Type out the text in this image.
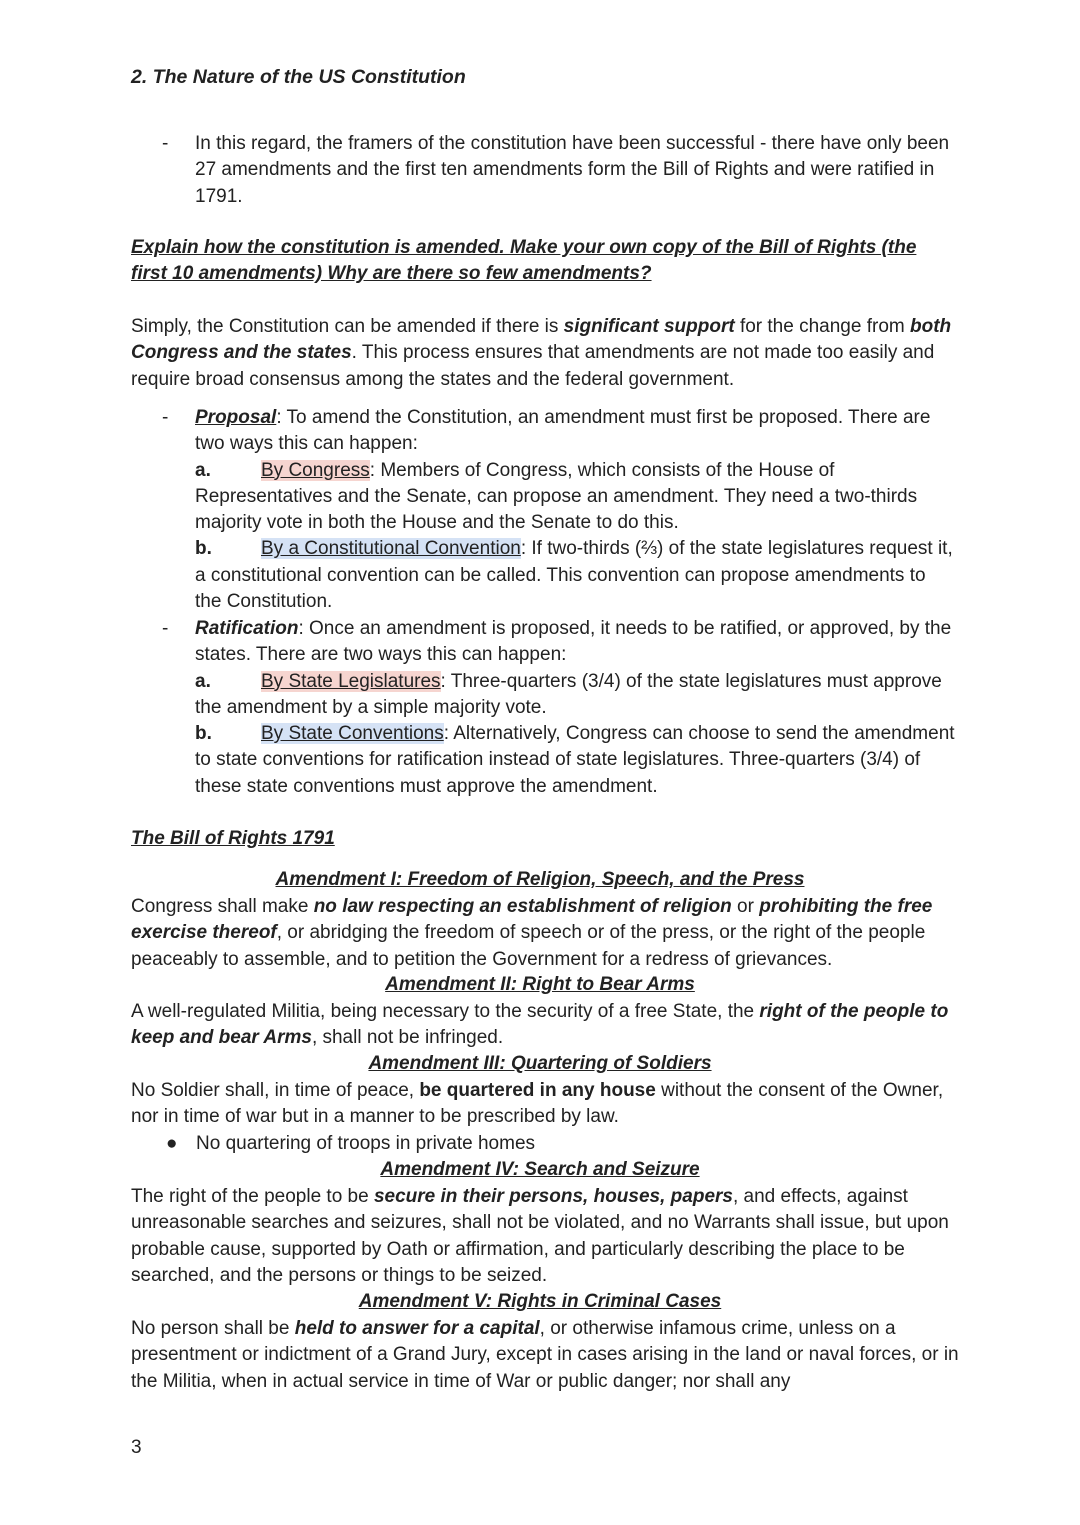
2. The Nature of the US Constitution
- In this regard, the framers of the constitution have been successful - there have only been 27 amendments and the first ten amendments form the Bill of Rights and were ratified in 1791.
Explain how the constitution is amended. Make your own copy of the Bill of Rights (the first 10 amendments) Why are there so few amendments?
Simply, the Constitution can be amended if there is significant support for the change from both Congress and the states. This process ensures that amendments are not made too easily and require broad consensus among the states and the federal government.
- Proposal: To amend the Constitution, an amendment must first be proposed. There are two ways this can happen:
a.	By Congress: Members of Congress, which consists of the House of Representatives and the Senate, can propose an amendment. They need a two-thirds majority vote in both the House and the Senate to do this.
b.	By a Constitutional Convention: If two-thirds (⅔) of the state legislatures request it, a constitutional convention can be called. This convention can propose amendments to the Constitution.
- Ratification: Once an amendment is proposed, it needs to be ratified, or approved, by the states. There are two ways this can happen:
a.	By State Legislatures: Three-quarters (3/4) of the state legislatures must approve the amendment by a simple majority vote.
b.	By State Conventions: Alternatively, Congress can choose to send the amendment to state conventions for ratification instead of state legislatures. Three-quarters (3/4) of these state conventions must approve the amendment.
The Bill of Rights 1791
Amendment I: Freedom of Religion, Speech, and the Press
Congress shall make no law respecting an establishment of religion or prohibiting the free exercise thereof, or abridging the freedom of speech or of the press, or the right of the people peaceably to assemble, and to petition the Government for a redress of grievances.
Amendment II: Right to Bear Arms
A well-regulated Militia, being necessary to the security of a free State, the right of the people to keep and bear Arms, shall not be infringed.
Amendment III: Quartering of Soldiers
No Soldier shall, in time of peace, be quartered in any house without the consent of the Owner, nor in time of war but in a manner to be prescribed by law.
● No quartering of troops in private homes
Amendment IV: Search and Seizure
The right of the people to be secure in their persons, houses, papers, and effects, against unreasonable searches and seizures, shall not be violated, and no Warrants shall issue, but upon probable cause, supported by Oath or affirmation, and particularly describing the place to be searched, and the persons or things to be seized.
Amendment V: Rights in Criminal Cases
No person shall be held to answer for a capital, or otherwise infamous crime, unless on a presentment or indictment of a Grand Jury, except in cases arising in the land or naval forces, or in the Militia, when in actual service in time of War or public danger; nor shall any
3
